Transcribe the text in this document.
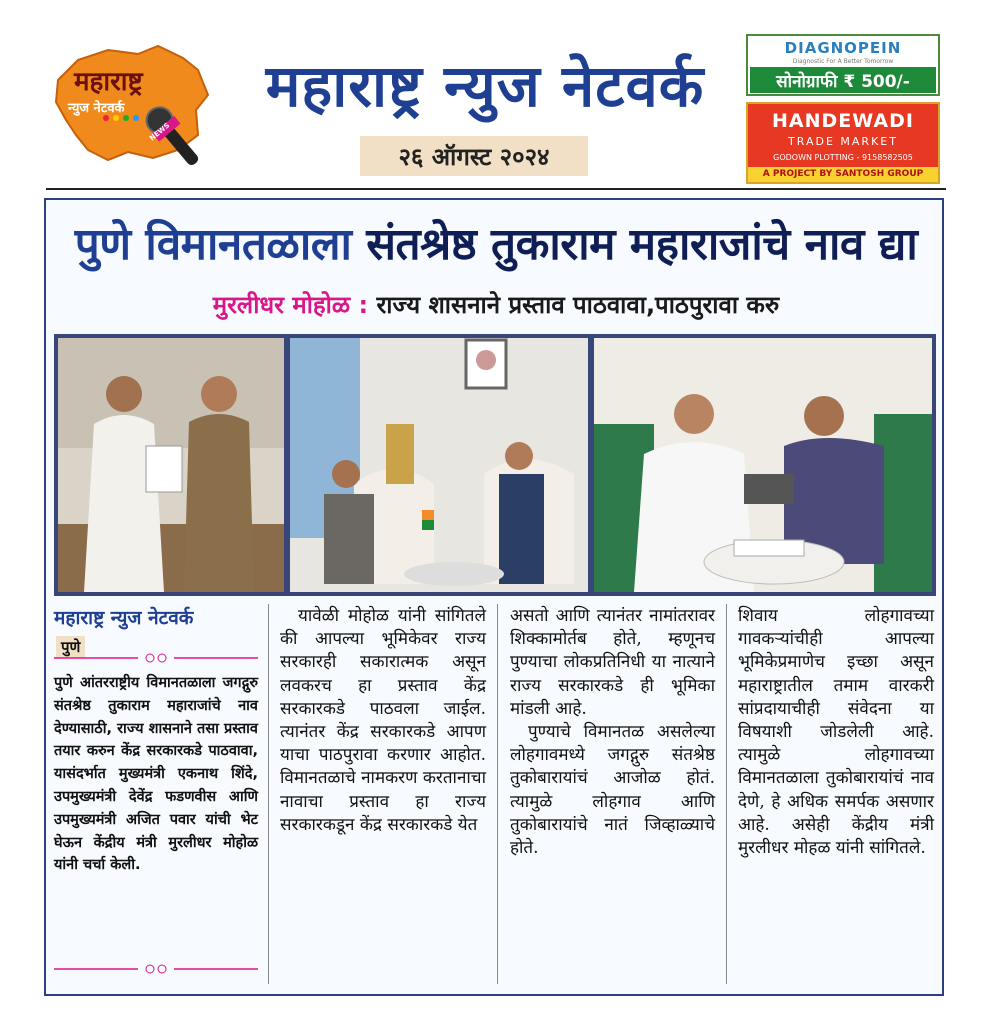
महाराष्ट्र
न्युज नेटवर्क
NEWS
महाराष्ट्र न्युज नेटवर्क
२६ ऑगस्ट २०२४
DIAGNOPEIN
Diagnostic For A Better Tomorrow
सोनोग्राफी ₹ 500/-
HANDEWADI
TRADE MARKET
GODOWN PLOTTING - 9158582505
A PROJECT BY SANTOSH GROUP
पुणे विमानतळाला संतश्रेष्ठ तुकाराम महाराजांचे नाव द्या
मुरलीधर मोहोळ : राज्य शासनाने प्रस्ताव पाठवावा,पाठपुरावा करु
महाराष्ट्र न्युज नेटवर्क
पुणे
पुणे आंतरराष्ट्रीय विमानतळाला जगद्गुरु संतश्रेष्ठ तुकाराम महाराजांचे नाव देण्यासाठी, राज्य शासनाने तसा प्रस्ताव तयार करुन केंद्र सरकारकडे पाठवावा, यासंदर्भात मुख्यमंत्री एकनाथ शिंदे, उपमुख्यमंत्री देवेंद्र फडणवीस आणि उपमुख्यमंत्री अजित पवार यांची भेट घेऊन केंद्रीय मंत्री मुरलीधर मोहोळ यांनी चर्चा केली.

यावेळी मोहोळ यांनी सांगितले की आपल्या भूमिकेवर राज्य सरकारही सकारात्मक असून लवकरच हा प्रस्ताव केंद्र सरकारकडे पाठवला जाईल. त्यानंतर केंद्र सरकारकडे आपण याचा पाठपुरावा करणार आहोत. विमानतळाचे नामकरण करतानाचा नावाचा प्रस्ताव हा राज्य सरकारकडून केंद्र सरकारकडे येत

असतो आणि त्यानंतर नामांतरावर शिक्कामोर्तब होते, म्हणूनच पुण्याचा लोकप्रतिनिधी या नात्याने राज्य सरकारकडे ही भूमिका मांडली आहे.

पुण्याचे विमानतळ असलेल्या लोहगावमध्ये जगद्गुरु संतश्रेष्ठ तुकोबारायांचं आजोळ होतं. त्यामुळे लोहगाव आणि तुकोबारायांचे नातं जिव्हाळ्याचे होते.

शिवाय लोहगावच्या गावकऱ्यांचीही आपल्या भूमिकेप्रमाणेच इच्छा असून महाराष्ट्रातील तमाम वारकरी सांप्रदायाचीही संवेदना या विषयाशी जोडलेली आहे. त्यामुळे लोहगावच्या विमानतळाला तुकोबारायांचं नाव देणे, हे अधिक समर्पक असणार आहे. असेही केंद्रीय मंत्री मुरलीधर मोहळ यांनी सांगितले.
